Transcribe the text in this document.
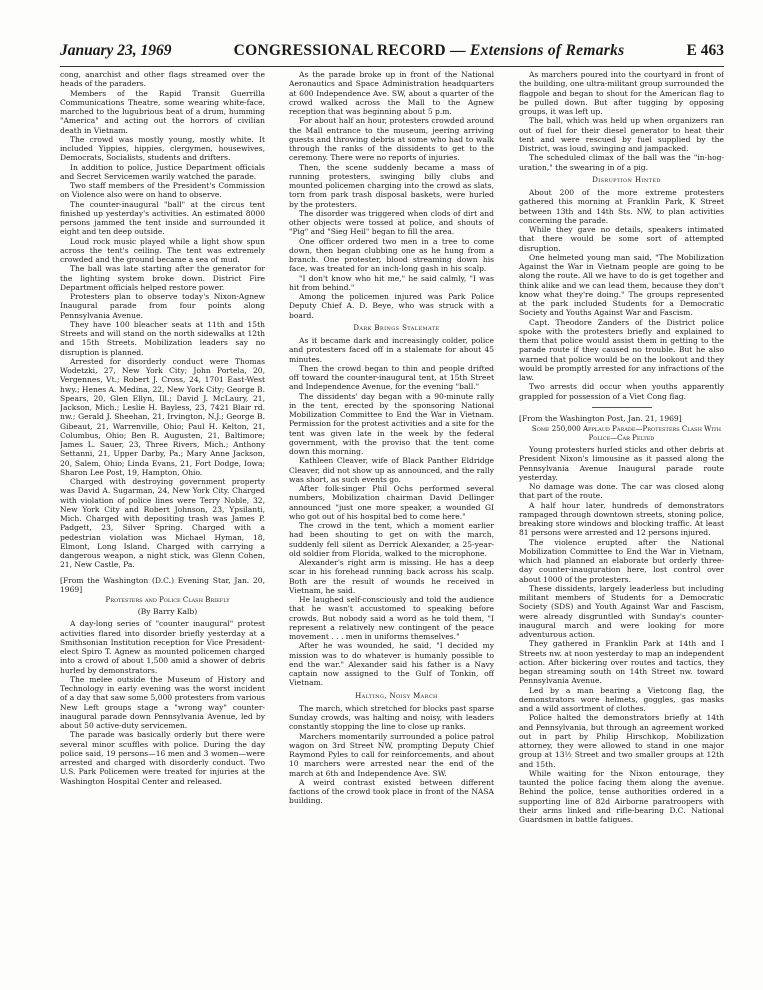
January 23, 1969	CONGRESSIONAL RECORD — Extensions of Remarks	E 463

cong, anarchist and other flags streamed over the heads of the paraders.

Members of the Rapid Transit Guerrilla Communications Theatre, some wearing white-face, marched to the lugubrious beat of a drum, humming "America" and acting out the horrors of civilian death in Vietnam.

The crowd was mostly young, mostly white. It included Yippies, hippies, clergymen, housewives, Democrats, Socialists, students and drifters.

In addition to police, Justice Department officials and Secret Servicemen warily watched the parade.

Two staff members of the President's Commission on Violence also were on hand to observe.

The counter-inaugural "ball" at the circus tent finished up yesterday's activities. An estimated 8000 persons jammed the tent inside and surrounded it eight and ten deep outside.

Loud rock music played while a light show spun across the tent's ceiling. The tent was extremely crowded and the ground became a sea of mud.

The ball was late starting after the generator for the lighting system broke down. District Fire Department officials helped restore power.

Protesters plan to observe today's Nixon-Agnew Inaugural parade from four points along Pennsylvania Avenue.

They have 100 bleacher seats at 11th and 15th Streets and will stand on the north sidewalks at 12th and 15th Streets. Mobilization leaders say no disruption is planned.

Arrested for disorderly conduct were Thomas Wodetzki, 27, New York City; John Portela, 20, Vergennes, Vt.; Robert J. Cross, 24, 1701 East-West hwy.; Henes A. Medina, 22, New York City; George B. Spears, 20, Glen Ellyn, Ill.; David J. McLaury, 21, Jackson, Mich.; Leslie H. Bayless, 23, 7421 Blair rd. nw.; Gerald J. Sheehan, 21, Irvington, N.J.; George B. Gibeaut, 21, Warrenville, Ohio; Paul H. Kelton, 21, Columbus, Ohio; Ben R. Augusten, 21, Baltimore; James L. Sauer, 23, Three Rivers, Mich.; Anthony Settanni, 21, Upper Darby, Pa.; Mary Anne Jackson, 20, Salem, Ohio; Linda Evans, 21, Fort Dodge, Iowa; Sharon Lee Post, 19, Hampton, Ohio.

Charged with destroying government property was David A. Sugarman, 24, New York City. Charged with violation of police lines were Terry Noble, 32, New York City and Robert Johnson, 23, Ypsilanti, Mich. Charged with depositing trash was James P. Padgett, 23, Silver Spring. Charged with a pedestrian violation was Michael Hyman, 18, Elmont, Long Island. Charged with carrying a dangerous weapon, a night stick, was Glenn Cohen, 21, New Castle, Pa.

[From the Washington (D.C.) Evening Star, Jan. 20, 1969]

Protesters and Police Clash Briefly

(By Barry Kalb)

A day-long series of "counter inaugural" protest activities flared into disorder briefly yesterday at a Smithsonian Institution reception for Vice President-elect Spiro T. Agnew as mounted policemen charged into a crowd of about 1,500 amid a shower of debris hurled by demonstrators.

The melee outside the Museum of History and Technology in early evening was the worst incident of a day that saw some 5,000 protesters from various New Left groups stage a "wrong way" counter-inaugural parade down Pennsylvania Avenue, led by about 50 active-duty servicemen.

The parade was basically orderly but there were several minor scuffles with police. During the day police said, 19 persons—16 men and 3 women—were arrested and charged with disorderly conduct. Two U.S. Park Policemen were treated for injuries at the Washington Hospital Center and released.

As the parade broke up in front of the National Aeronautics and Space Administration headquarters at 600 Independence Ave. SW, about a quarter of the crowd walked across the Mall to the Agnew reception that was beginning about 5 p.m.

For about half an hour, protesters crowded around the Mall entrance to the museum, jeering arriving guests and throwing debris at some who had to walk through the ranks of the dissidents to get to the ceremony. There were no reports of injuries.

Then, the scene suddenly became a mass of running protesters, swinging billy clubs and mounted policemen charging into the crowd as slats, torn from park trash disposal baskets, were hurled by the protesters.

The disorder was triggered when clods of dirt and other objects were tossed at police, and shouts of "Pig" and "Sieg Heil" began to fill the area.

One officer ordered two men in a tree to come down, then began clubbing one as he hung from a branch. One protester, blood streaming down his face, was treated for an inch-long gash in his scalp.

"I don't know who hit me," he said calmly, "I was hit from behind."

Among the policemen injured was Park Police Deputy Chief A. D. Beye, who was struck with a board.

Dark Brings Stalemate

As it became dark and increasingly colder, police and protesters faced off in a stalemate for about 45 minutes.

Then the crowd began to thin and people drifted off toward the counter-inaugural tent, at 15th Street and Independence Avenue, for the evening "ball."

The dissidents' day began with a 90-minute rally in the tent, erected by the sponsoring National Mobilization Committee to End the War in Vietnam. Permission for the protest activities and a site for the tent was given late in the week by the federal government, with the proviso that the tent come down this morning.

Kathleen Cleaver, wife of Black Panther Eldridge Cleaver, did not show up as announced, and the rally was short, as such events go.

After folk-singer Phil Ochs performed several numbers, Mobilization chairman David Dellinger announced "just one more speaker, a wounded GI who got out of his hospital bed to come here."

The crowd in the tent, which a moment earlier had been shouting to get on with the march, suddenly fell silent as Derrick Alexander, a 25-year-old soldier from Florida, walked to the microphone.

Alexander's right arm is missing. He has a deep scar in his forehead running back across his scalp. Both are the result of wounds he received in Vietnam, he said.

He laughed self-consciously and told the audience that he wasn't accustomed to speaking before crowds. But nobody said a word as he told them, "I represent a relatively new contingent of the peace movement . . . men in uniforms themselves."

After he was wounded, he said, "I decided my mission was to do whatever is humanly possible to end the war." Alexander said his father is a Navy captain now assigned to the Gulf of Tonkin, off Vietnam.

Halting, Noisy March

The march, which stretched for blocks past sparse Sunday crowds, was halting and noisy, with leaders constantly stopping the line to close up ranks.

Marchers momentarily surrounded a police patrol wagon on 3rd Street NW, prompting Deputy Chief Raymond Pyles to call for reinforcements, and about 10 marchers were arrested near the end of the march at 6th and Independence Ave. SW.

A weird contrast existed between different factions of the crowd took place in front of the NASA building.

As marchers poured into the courtyard in front of the building, one ultra-militant group surrounded the flagpole and began to shout for the American flag to be pulled down. But after tugging by opposing groups, it was left up.

The ball, which was held up when organizers ran out of fuel for their diesel generator to heat their tent and were rescued by fuel supplied by the District, was loud, swinging and jampacked.

The scheduled climax of the ball was the "in-hog-uration," the swearing in of a pig.

Disruption Hinted

About 200 of the more extreme protesters gathered this morning at Franklin Park, K Street between 13th and 14th Sts. NW, to plan activities concerning the parade.

While they gave no details, speakers intimated that there would be some sort of attempted disruption.

One helmeted young man said, "The Mobilization Against the War in Vietnam people are going to be along the route. All we have to do is get together and think alike and we can lead them, because they don't know what they're doing." The groups represented at the park included Students for a Democratic Society and Youths Against War and Fascism.

Capt. Theodore Zanders of the District police spoke with the protesters briefly and explained to them that police would assist them in getting to the parade route if they caused no trouble. But he also warned that police would be on the lookout and they would be promptly arrested for any infractions of the law.

Two arrests did occur when youths apparently grappled for possession of a Viet Cong flag.

[From the Washington Post, Jan. 21, 1969]

Some 250,000 Applaud Parade—Protesters Clash With Police—Car Pelted

Young protesters hurled sticks and other debris at President Nixon's limousine as it passed along the Pennsylvania Avenue Inaugural parade route yesterday.

No damage was done. The car was closed along that part of the route.

A half hour later, hundreds of demonstrators rampaged through downtown streets, stoning police, breaking store windows and blocking traffic. At least 81 persons were arrested and 12 persons injured.

The violence erupted after the National Mobilization Committee to End the War in Vietnam, which had planned an elaborate but orderly three-day counter-inauguration here, lost control over about 1000 of the protesters.

These dissidents, largely leaderless but including militant members of Students for a Democratic Society (SDS) and Youth Against War and Fascism, were already disgruntled with Sunday's counter-inaugural march and were looking for more adventurous action.

They gathered in Franklin Park at 14th and I Streets nw. at noon yesterday to map an independent action. After bickering over routes and tactics, they began streaming south on 14th Street nw. toward Pennsylvania Avenue.

Led by a man bearing a Vietcong flag, the demonstrators wore helmets, goggles, gas masks and a wild assortment of clothes.

Police halted the demonstrators briefly at 14th and Pennsylvania, but through an agreement worked out in part by Philip Hirschkop, Mobilization attorney, they were allowed to stand in one major group at 13½ Street and two smaller groups at 12th and 15th.

While waiting for the Nixon entourage, they taunted the police facing them along the avenue. Behind the police, tense authorities ordered in a supporting line of 82d Airborne paratroopers with their arms linked and rifle-bearing D.C. National Guardsmen in battle fatigues.
